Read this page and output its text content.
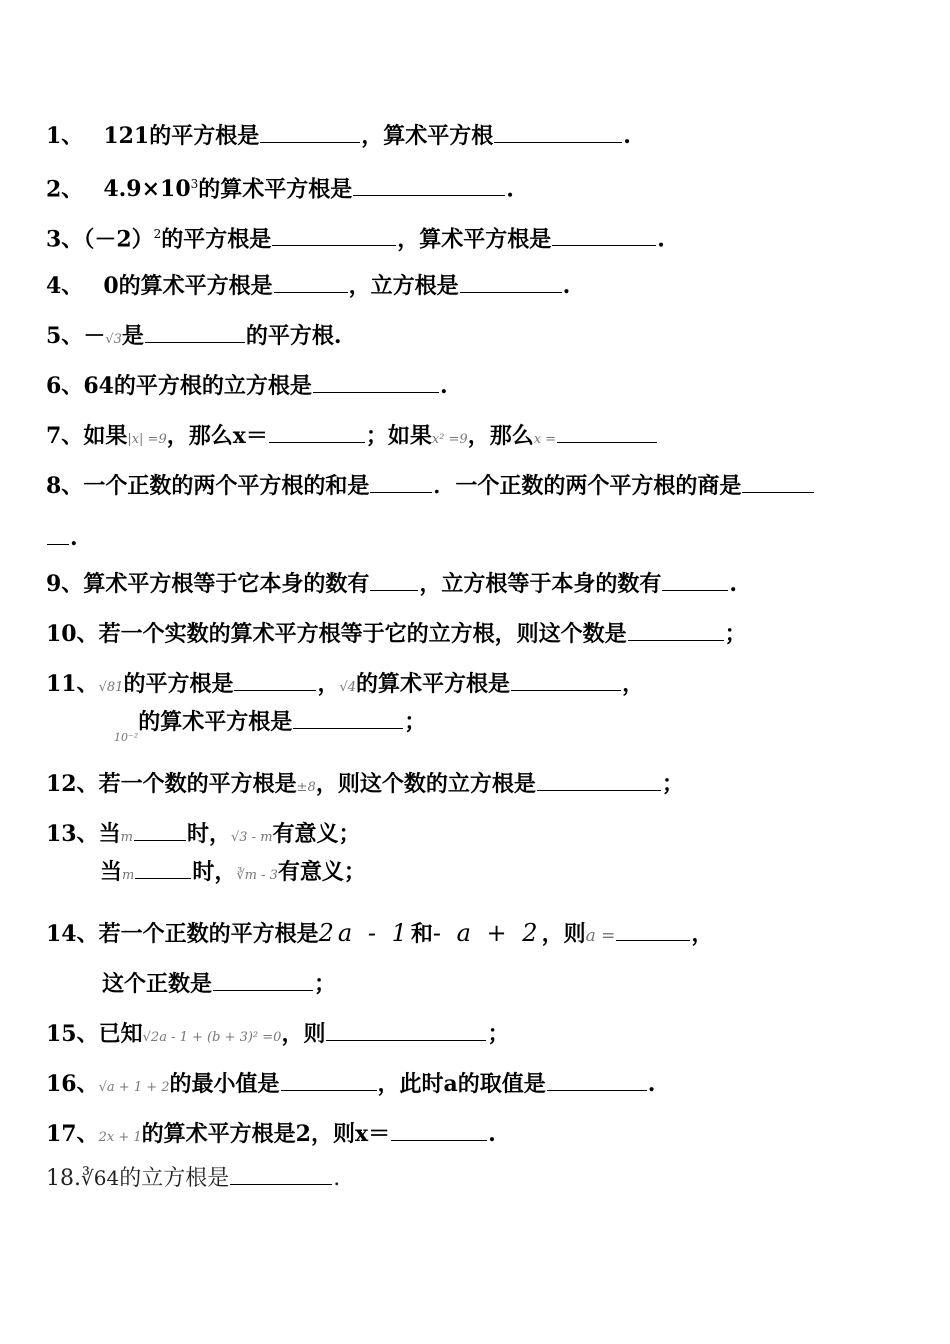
1、 121的平方根是	，算术平方根	.
2、 $4.9\times 10^3$的算术平方根是	.
3、$(-2)^2$的平方根是	，算术平方根是	.
4、 0的算术平方根是	，立方根是	.
5、－√3是	的平方根.
6、64的平方根的立方根是	.
7、如果|x| =9，那么x＝	；如果x² =9，那么x =
8、一个正数的两个平方根的和是	．一个正数的两个平方根的商是
.
9、算术平方根等于它本身的数有 ，立方根等于本身的数有	.
10、若一个实数的算术平方根等于它的立方根，则这个数是	；
11、√81的平方根是	，√4的算术平方根是	，
$_{10^{-2}}$的算术平方根是	；
12、若一个数的平方根是±8，则这个数的立方根是	；
13、当m 时，√3 - m有意义；
当m	时，∛m - 3有意义；
14、若一个正数的平方根是2a - 1和- a + 2，则a =	，
这个正数是	；
15、已知√2a - 1 + (b + 3)² =0，则	；
16、√a + 1 + 2的最小值是	，此时a的取值是	.
17、2x + 1的算术平方根是2，则x＝	.
18.∛64的立方根是	.
